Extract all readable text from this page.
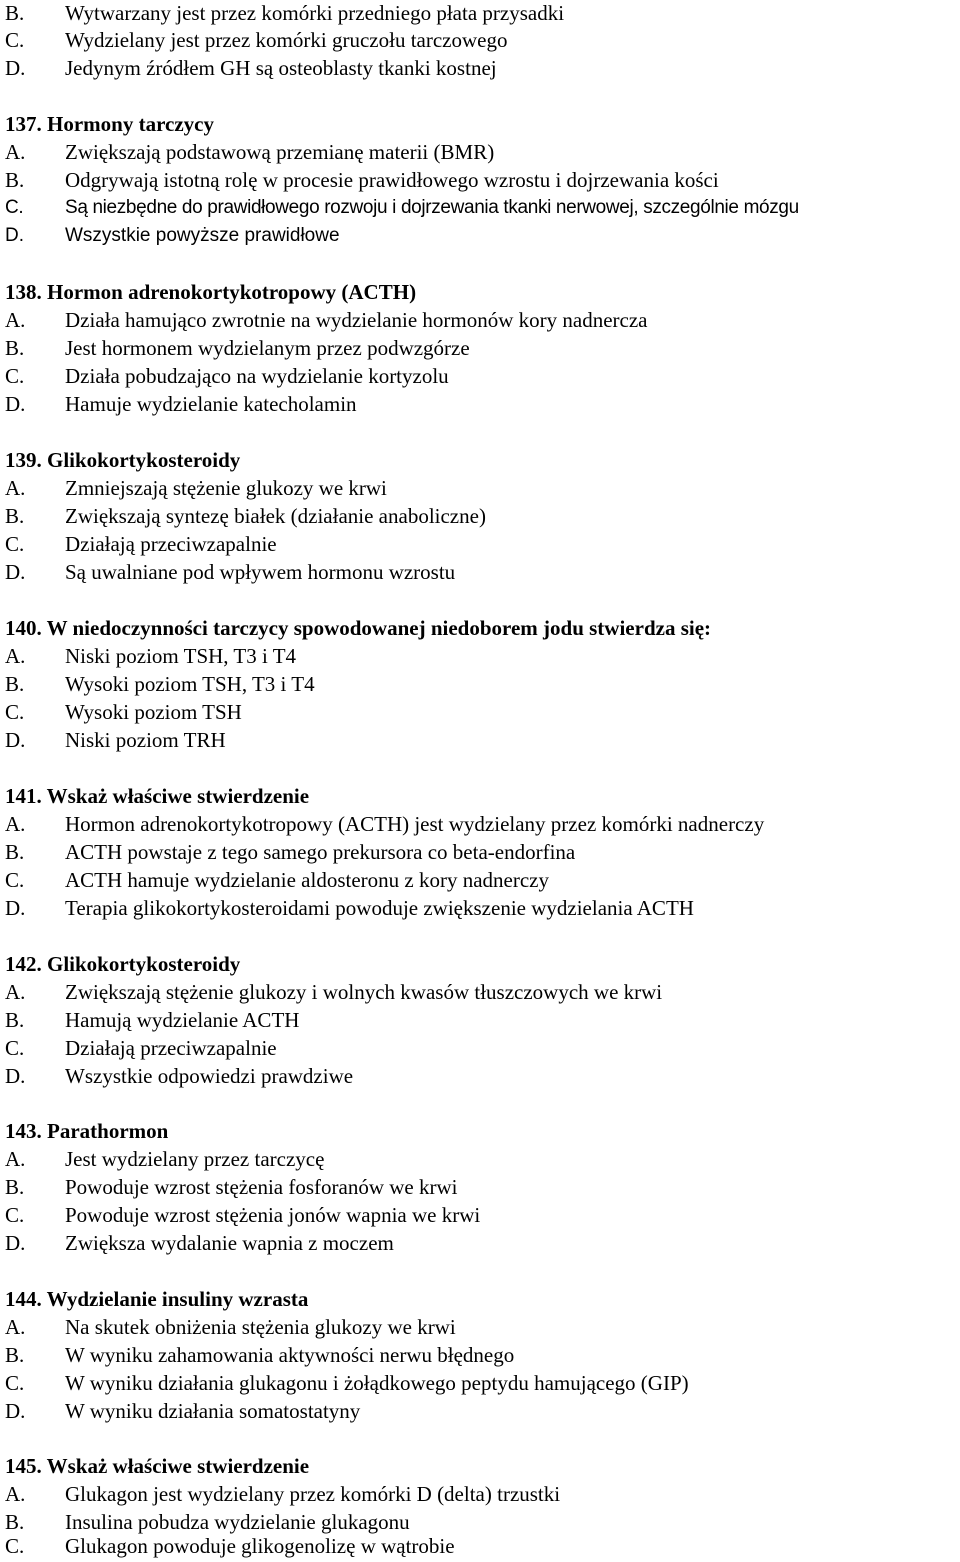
B. Wytwarzany jest przez komórki przedniego płata przysadki
C. Wydzielany jest przez komórki gruczołu tarczowego
D. Jedynym źródłem GH są osteoblasty tkanki kostnej
137. Hormony tarczycy
A. Zwiększają podstawową przemianę materii (BMR)
B. Odgrywają istotną rolę w procesie prawidłowego wzrostu i dojrzewania kości
C. Są niezbędne do prawidłowego rozwoju i dojrzewania tkanki nerwowej, szczególnie mózgu
D. Wszystkie powyższe prawidłowe
138. Hormon adrenokortykotropowy (ACTH)
A. Działa hamująco zwrotnie na wydzielanie hormonów kory nadnercza
B. Jest hormonem wydzielanym przez podwzgórze
C. Działa pobudzająco na wydzielanie kortyzolu
D. Hamuje wydzielanie katecholamin
139. Glikokortykosteroidy
A. Zmniejszają stężenie glukozy we krwi
B. Zwiększają syntezę białek (działanie anaboliczne)
C. Działają przeciwzapalnie
D. Są uwalniane pod wpływem hormonu wzrostu
140. W niedoczynności tarczycy spowodowanej niedoborem jodu stwierdza się:
A. Niski poziom TSH, T3 i T4
B. Wysoki poziom TSH, T3 i T4
C. Wysoki poziom TSH
D. Niski poziom TRH
141. Wskaż właściwe stwierdzenie
A. Hormon adrenokortykotropowy (ACTH) jest wydzielany przez komórki nadnerczy
B. ACTH powstaje z tego samego prekursora co beta-endorfina
C. ACTH hamuje wydzielanie aldosteronu z kory nadnerczy
D. Terapia glikokortykosteroidami powoduje zwiększenie wydzielania ACTH
142. Glikokortykosteroidy
A. Zwiększają stężenie glukozy i wolnych kwasów tłuszczowych we krwi
B. Hamują wydzielanie ACTH
C. Działają przeciwzapalnie
D. Wszystkie odpowiedzi prawdziwe
143. Parathormon
A. Jest wydzielany przez tarczycę
B. Powoduje wzrost stężenia fosforanów we krwi
C. Powoduje wzrost stężenia jonów wapnia we krwi
D. Zwiększa wydalanie wapnia z moczem
144. Wydzielanie insuliny wzrasta
A. Na skutek obniżenia stężenia glukozy we krwi
B. W wyniku zahamowania aktywności nerwu błędnego
C. W wyniku działania glukagonu i żołądkowego peptydu hamującego (GIP)
D. W wyniku działania somatostatyny
145. Wskaż właściwe stwierdzenie
A. Glukagon jest wydzielany przez komórki D (delta) trzustki
B. Insulina pobudza wydzielanie glukagonu
C. Glukagon powoduje glikogenolizę w wątrobie
